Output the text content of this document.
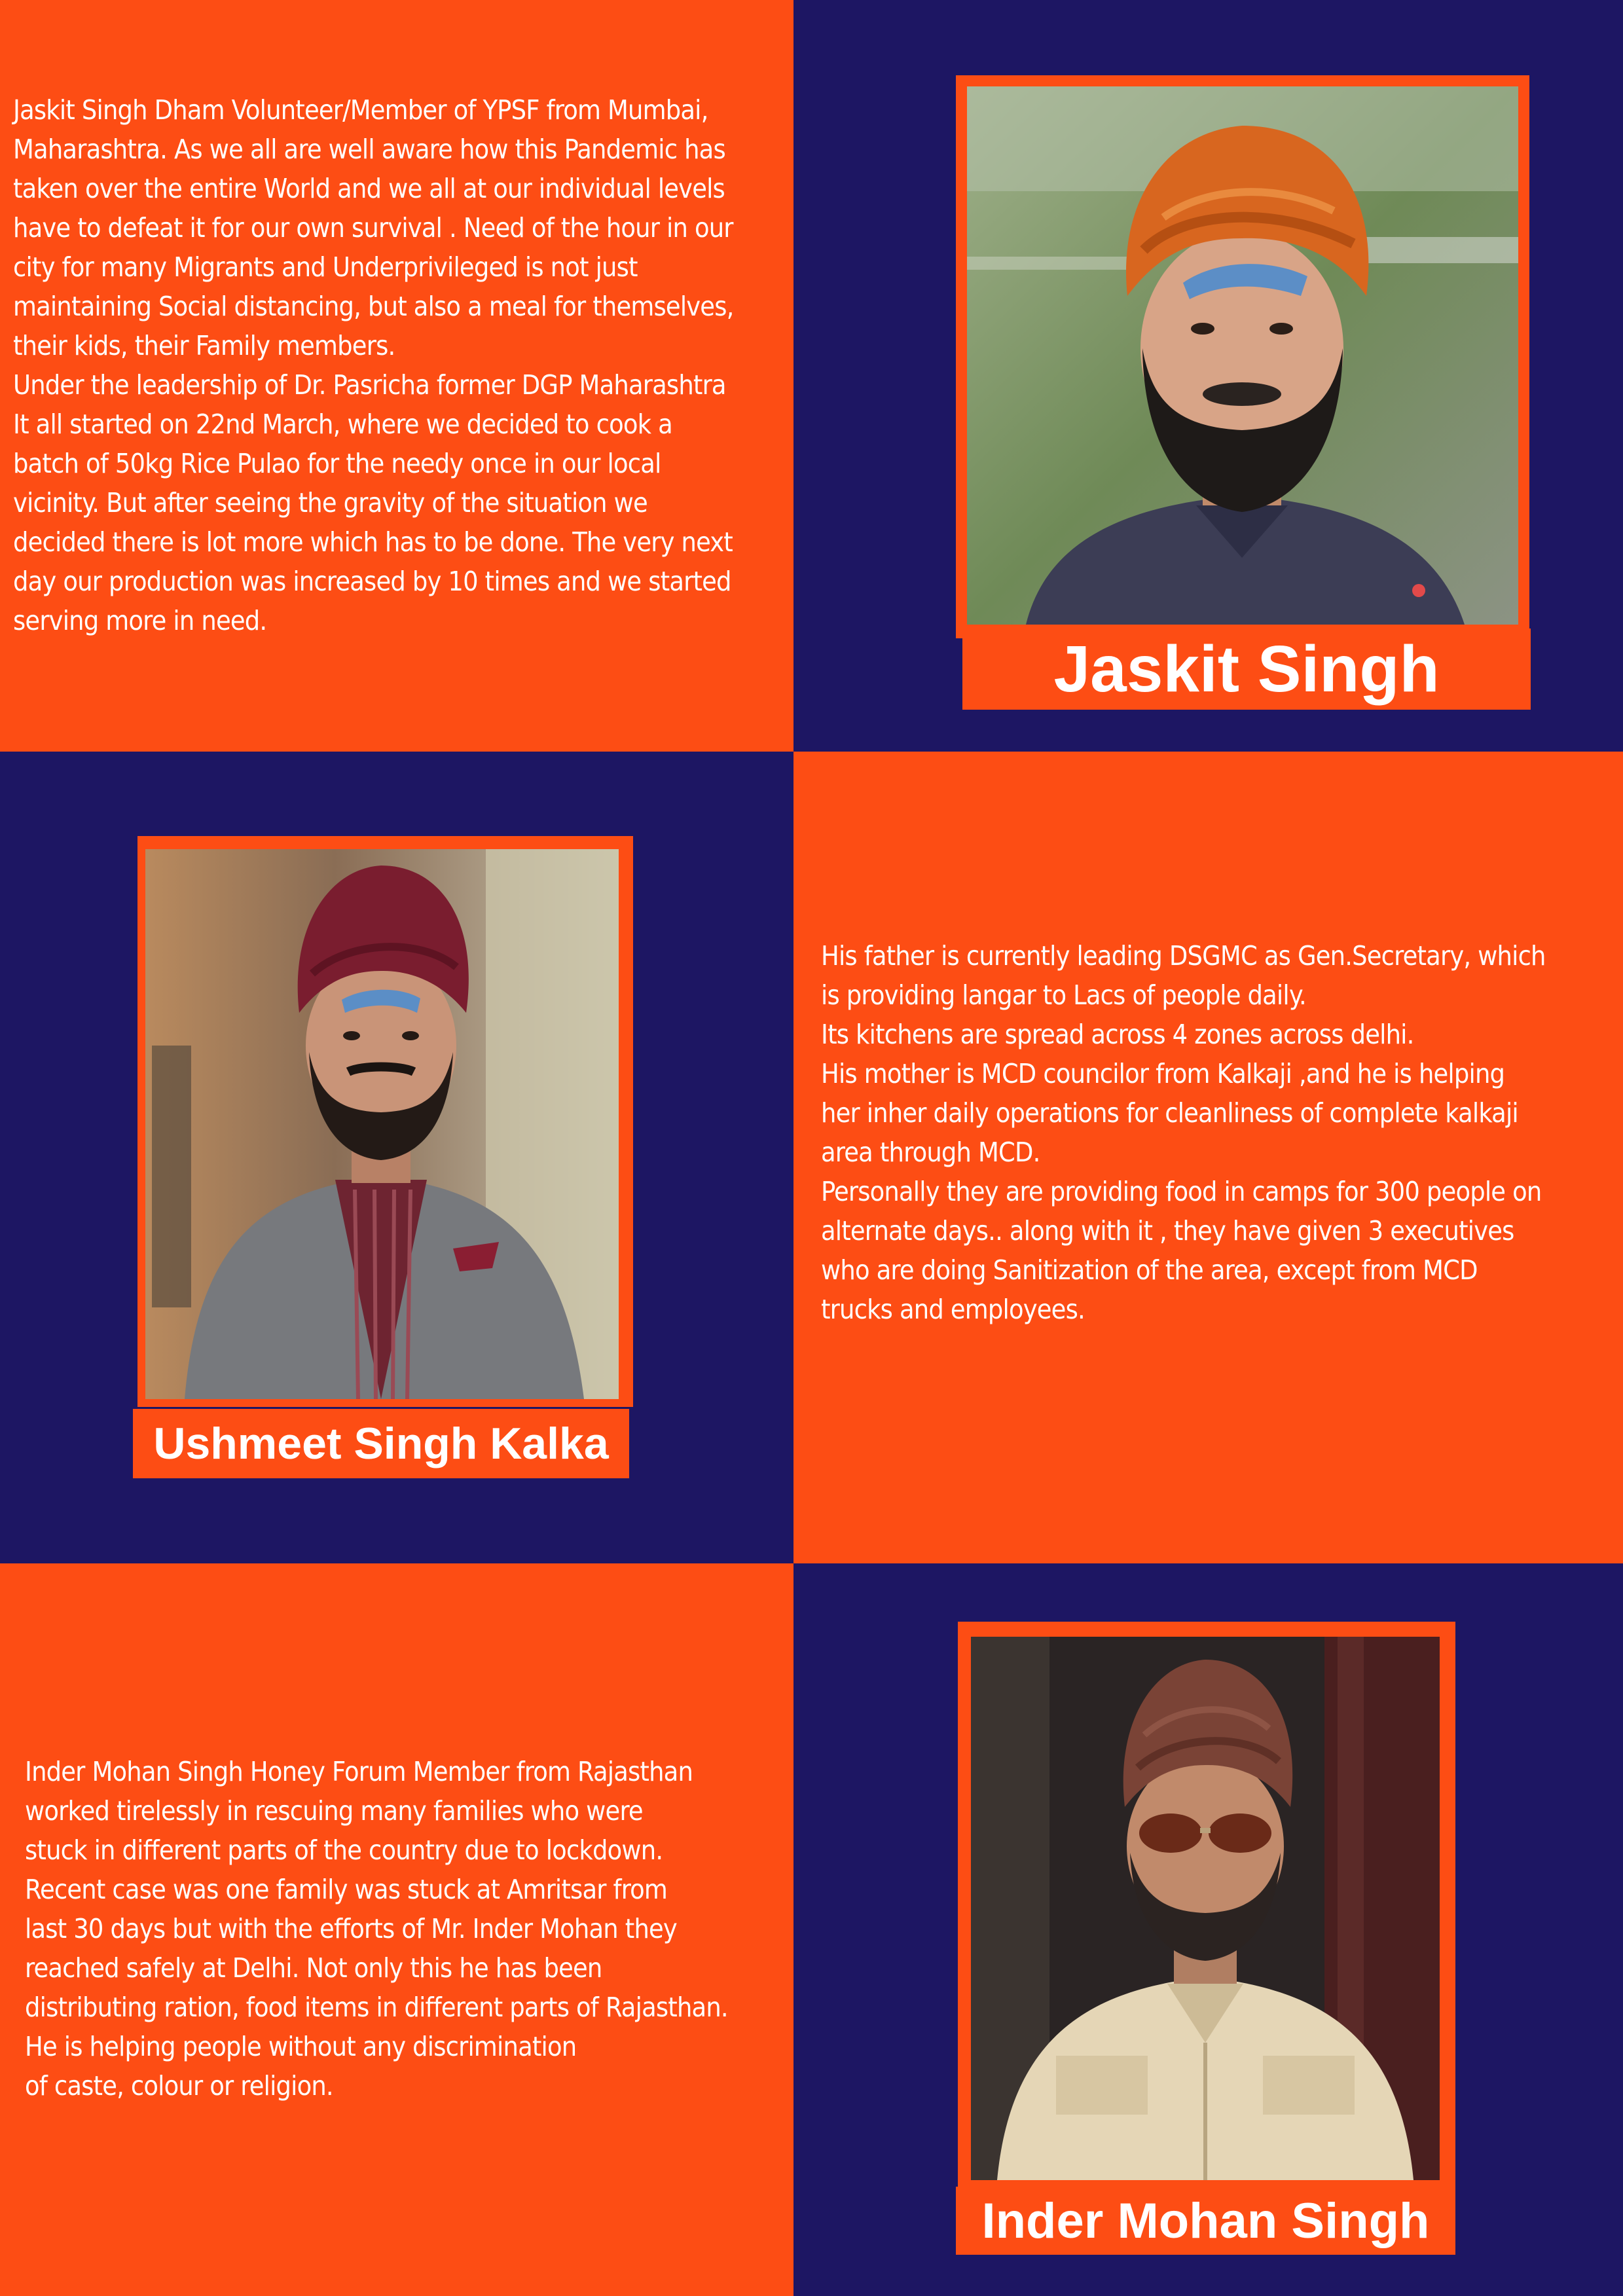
Jaskit Singh Dham Volunteer/Member of YPSF from Mumbai,
Maharashtra. As we all are well aware how this Pandemic has
taken over the entire World and we all at our individual levels
have to defeat it for our own survival . Need of the hour in our
city for many Migrants and Underprivileged is not just
maintaining Social distancing, but also a meal for themselves,
their kids, their Family members.
Under the leadership of Dr. Pasricha former DGP Maharashtra
It all started on 22nd March, where we decided to cook a
batch of 50kg Rice Pulao for the needy once in our local
vicinity. But after seeing the gravity of the situation we
decided there is lot more which has to be done. The very next
day our production was increased by 10 times and we started
serving more in need.

Jaskit Singh
Ushmeet Singh Kalka

His father is currently leading DSGMC as Gen.Secretary, which
is providing langar to Lacs of people daily.
Its kitchens are spread across 4 zones across delhi.
His mother is MCD councilor from Kalkaji ,and he is helping
her inher daily operations for cleanliness of complete kalkaji
area through MCD.
Personally they are providing food in camps for 300 people on
alternate days.. along with it , they have given 3 executives
who are doing Sanitization of the area, except from MCD
trucks and employees.

Inder Mohan Singh Honey Forum Member from Rajasthan
worked tirelessly in rescuing many families who were
stuck in different parts of the country due to lockdown.
Recent case was one family was stuck at Amritsar from
last 30 days but with the efforts of Mr. Inder Mohan they
reached safely at Delhi. Not only this he has been
distributing ration, food items in different parts of Rajasthan.
He is helping people without any discrimination
of caste, colour or religion.

Inder Mohan Singh
